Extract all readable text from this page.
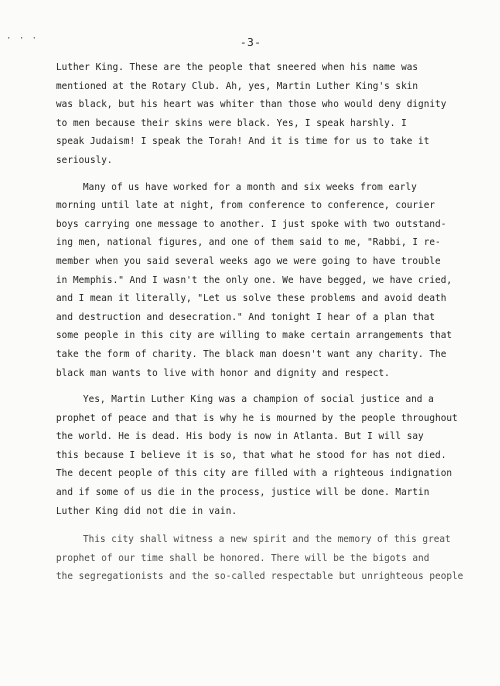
· · ·	-3-
Luther King. These are the people that sneered when his name was
mentioned at the Rotary Club. Ah, yes, Martin Luther King's skin
was black, but his heart was whiter than those who would deny dignity
to men because their skins were black. Yes, I speak harshly. I
speak Judaism! I speak the Torah! And it is time for us to take it
seriously.
Many of us have worked for a month and six weeks from early
morning until late at night, from conference to conference, courier
boys carrying one message to another. I just spoke with two outstand-
ing men, national figures, and one of them said to me, "Rabbi, I re-
member when you said several weeks ago we were going to have trouble
in Memphis." And I wasn't the only one. We have begged, we have cried,
and I mean it literally, "Let us solve these problems and avoid death
and destruction and desecration." And tonight I hear of a plan that
some people in this city are willing to make certain arrangements that
take the form of charity. The black man doesn't want any charity. The
black man wants to live with honor and dignity and respect.
Yes, Martin Luther King was a champion of social justice and a
prophet of peace and that is why he is mourned by the people throughout
the world. He is dead. His body is now in Atlanta. But I will say
this because I believe it is so, that what he stood for has not died.
The decent people of this city are filled with a righteous indignation
and if some of us die in the process, justice will be done. Martin
Luther King did not die in vain.
This city shall witness a new spirit and the memory of this great
prophet of our time shall be honored. There will be the bigots and
the segregationists and the so-called respectable but unrighteous people
